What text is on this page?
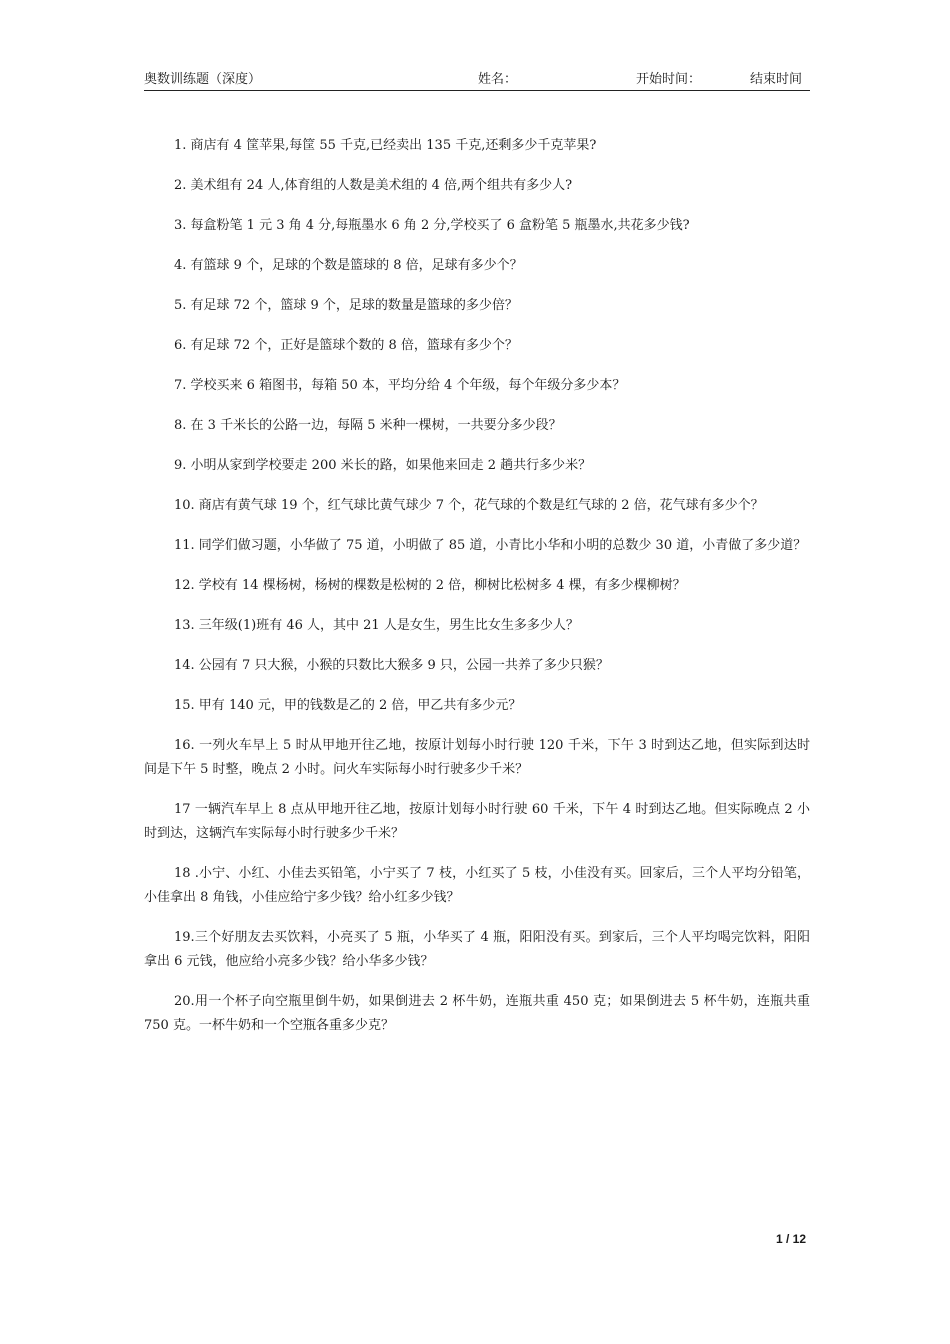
奥数训练题（深度）	姓名：	开始时间：	结束时间

1. 商店有 4 筐苹果,每筐 55 千克,已经卖出 135 千克,还剩多少千克苹果?

2. 美术组有 24 人,体育组的人数是美术组的 4 倍,两个组共有多少人?

3. 每盒粉笔 1 元 3 角 4 分,每瓶墨水 6 角 2 分,学校买了 6 盒粉笔 5 瓶墨水,共花多少钱?

4. 有篮球 9 个，足球的个数是篮球的 8 倍，足球有多少个？

5. 有足球 72 个，篮球 9 个，足球的数量是篮球的多少倍？

6. 有足球 72 个，正好是篮球个数的 8 倍，篮球有多少个？

7. 学校买来 6 箱图书，每箱 50 本，平均分给 4 个年级，每个年级分多少本？

8. 在 3 千米长的公路一边，每隔 5 米种一棵树，一共要分多少段？

9. 小明从家到学校要走 200 米长的路，如果他来回走 2 趟共行多少米？

10. 商店有黄气球 19 个，红气球比黄气球少 7 个，花气球的个数是红气球的 2 倍，花气球有多少个？

11. 同学们做习题，小华做了 75 道，小明做了 85 道，小青比小华和小明的总数少 30 道，小青做了多少道？

12. 学校有 14 棵杨树，杨树的棵数是松树的 2 倍，柳树比松树多 4 棵，有多少棵柳树？

13. 三年级(1)班有 46 人，其中 21 人是女生，男生比女生多多少人？

14. 公园有 7 只大猴，小猴的只数比大猴多 9 只，公园一共养了多少只猴？

15. 甲有 140 元，甲的钱数是乙的 2 倍，甲乙共有多少元？

16. 一列火车早上 5 时从甲地开往乙地，按原计划每小时行驶 120 千米，下午 3 时到达乙地，但实际到达时间是下午 5 时整，晚点 2 小时。问火车实际每小时行驶多少千米？

17 一辆汽车早上 8 点从甲地开往乙地，按原计划每小时行驶 60 千米，下午 4 时到达乙地。但实际晚点 2 小时到达，这辆汽车实际每小时行驶多少千米？

18 .小宁、小红、小佳去买铅笔，小宁买了 7 枝，小红买了 5 枝，小佳没有买。回家后，三个人平均分铅笔，小佳拿出 8 角钱，小佳应给宁多少钱？给小红多少钱？

19.三个好朋友去买饮料，小亮买了 5 瓶，小华买了 4 瓶，阳阳没有买。到家后，三个人平均喝完饮料，阳阳拿出 6 元钱，他应给小亮多少钱？给小华多少钱？

20.用一个杯子向空瓶里倒牛奶，如果倒进去 2 杯牛奶，连瓶共重 450 克；如果倒进去 5 杯牛奶，连瓶共重 750 克。一杯牛奶和一个空瓶各重多少克？

1 / 12
